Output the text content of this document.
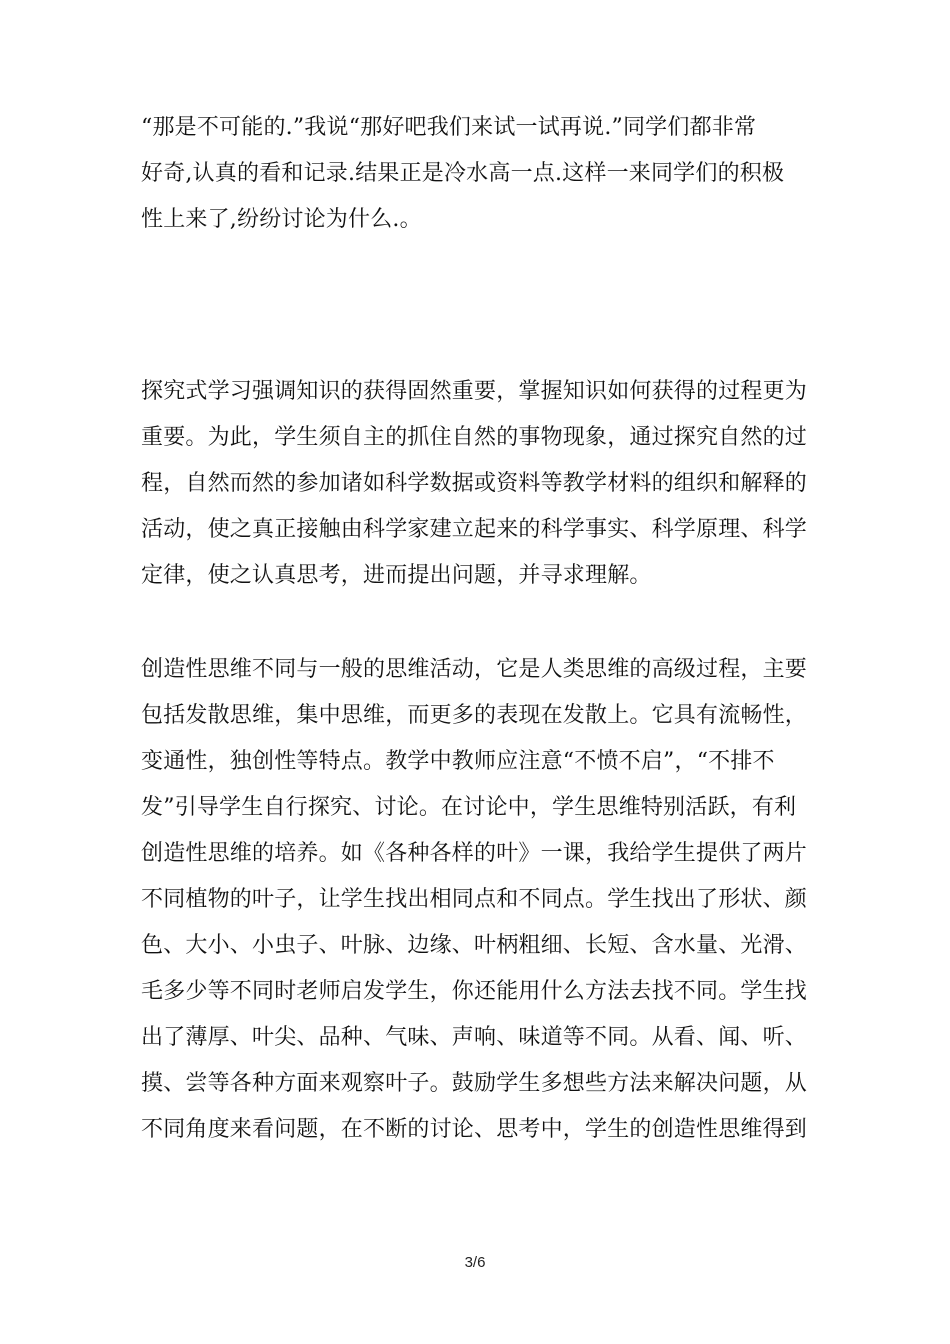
“那是不可能的.”我说“那好吧我们来试一试再说.”同学们都非常
好奇,认真的看和记录.结果正是冷水高一点.这样一来同学们的积极
性上来了,纷纷讨论为什么.。
探究式学习强调知识的获得固然重要，掌握知识如何获得的过程更为
重要。为此，学生须自主的抓住自然的事物现象，通过探究自然的过
程，自然而然的参加诸如科学数据或资料等教学材料的组织和解释的
活动，使之真正接触由科学家建立起来的科学事实、科学原理、科学
定律，使之认真思考，进而提出问题，并寻求理解。
创造性思维不同与一般的思维活动，它是人类思维的高级过程，主要
包括发散思维，集中思维，而更多的表现在发散上。它具有流畅性，
变通性，独创性等特点。教学中教师应注意“不愤不启”，“不排不
发”引导学生自行探究、讨论。在讨论中，学生思维特别活跃，有利
创造性思维的培养。如《各种各样的叶》一课，我给学生提供了两片
不同植物的叶子，让学生找出相同点和不同点。学生找出了形状、颜
色、大小、小虫子、叶脉、边缘、叶柄粗细、长短、含水量、光滑、
毛多少等不同时老师启发学生，你还能用什么方法去找不同。学生找
出了薄厚、叶尖、品种、气味、声响、味道等不同。从看、闻、听、
摸、尝等各种方面来观察叶子。鼓励学生多想些方法来解决问题，从
不同角度来看问题，在不断的讨论、思考中，学生的创造性思维得到
3/6
